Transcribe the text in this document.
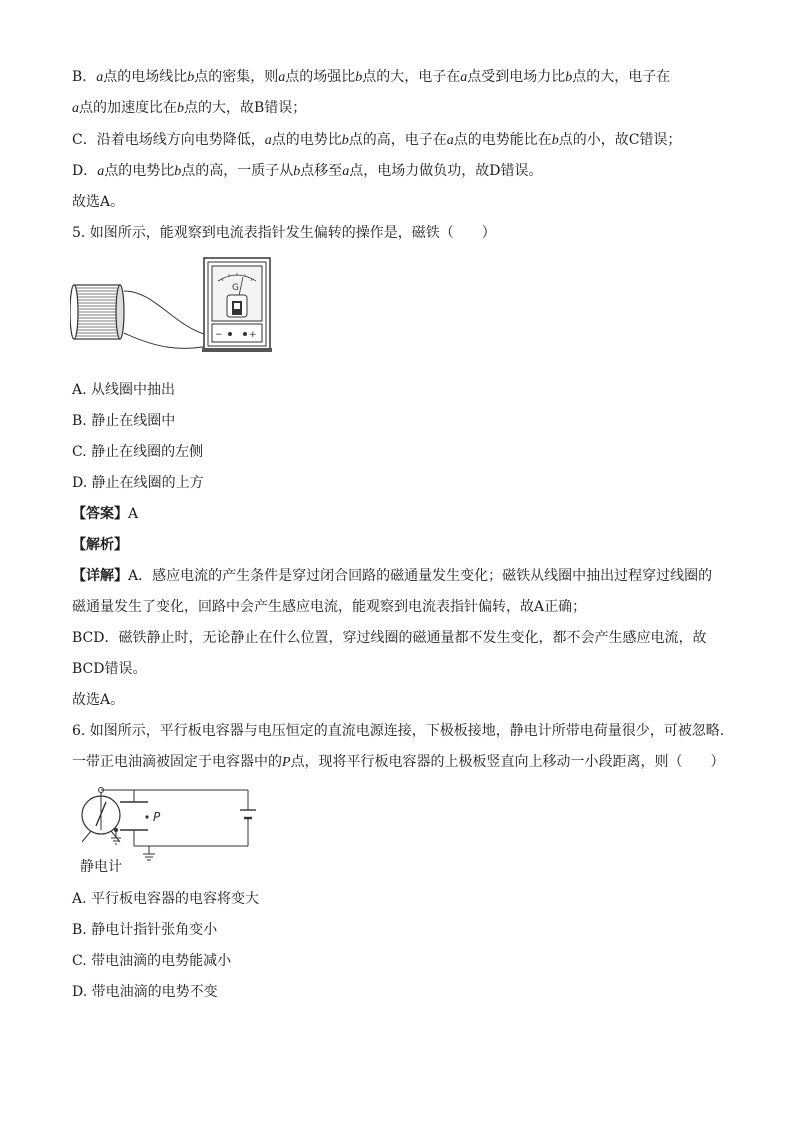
B．a点的电场线比b点的密集，则a点的场强比b点的大，电子在a点受到电场力比b点的大，电子在
a点的加速度比在b点的大，故B错误；
C．沿着电场线方向电势降低，a点的电势比b点的高，电子在a点的电势能比在b点的小，故C错误；
D．a点的电势比b点的高，一质子从b点移至a点，电场力做负功，故D错误。
故选A。
5. 如图所示，能观察到电流表指针发生偏转的操作是，磁铁（　　）
G
−	+
A. 从线圈中抽出
B. 静止在线圈中
C. 静止在线圈的左侧
D. 静止在线圈的上方
【答案】A
【解析】
【详解】A．感应电流的产生条件是穿过闭合回路的磁通量发生变化；磁铁从线圈中抽出过程穿过线圈的
磁通量发生了变化，回路中会产生感应电流，能观察到电流表指针偏转，故A正确；
BCD．磁铁静止时，无论静止在什么位置，穿过线圈的磁通量都不发生变化，都不会产生感应电流，故
BCD错误。
故选A。
6. 如图所示，平行板电容器与电压恒定的直流电源连接，下极板接地，静电计所带电荷量很少，可被忽略.
一带正电油滴被固定于电容器中的P点，现将平行板电容器的上极板竖直向上移动一小段距离，则（　　）
P
静电计
A. 平行板电容器的电容将变大
B. 静电计指针张角变小
C. 带电油滴的电势能减小
D. 带电油滴的电势不变
